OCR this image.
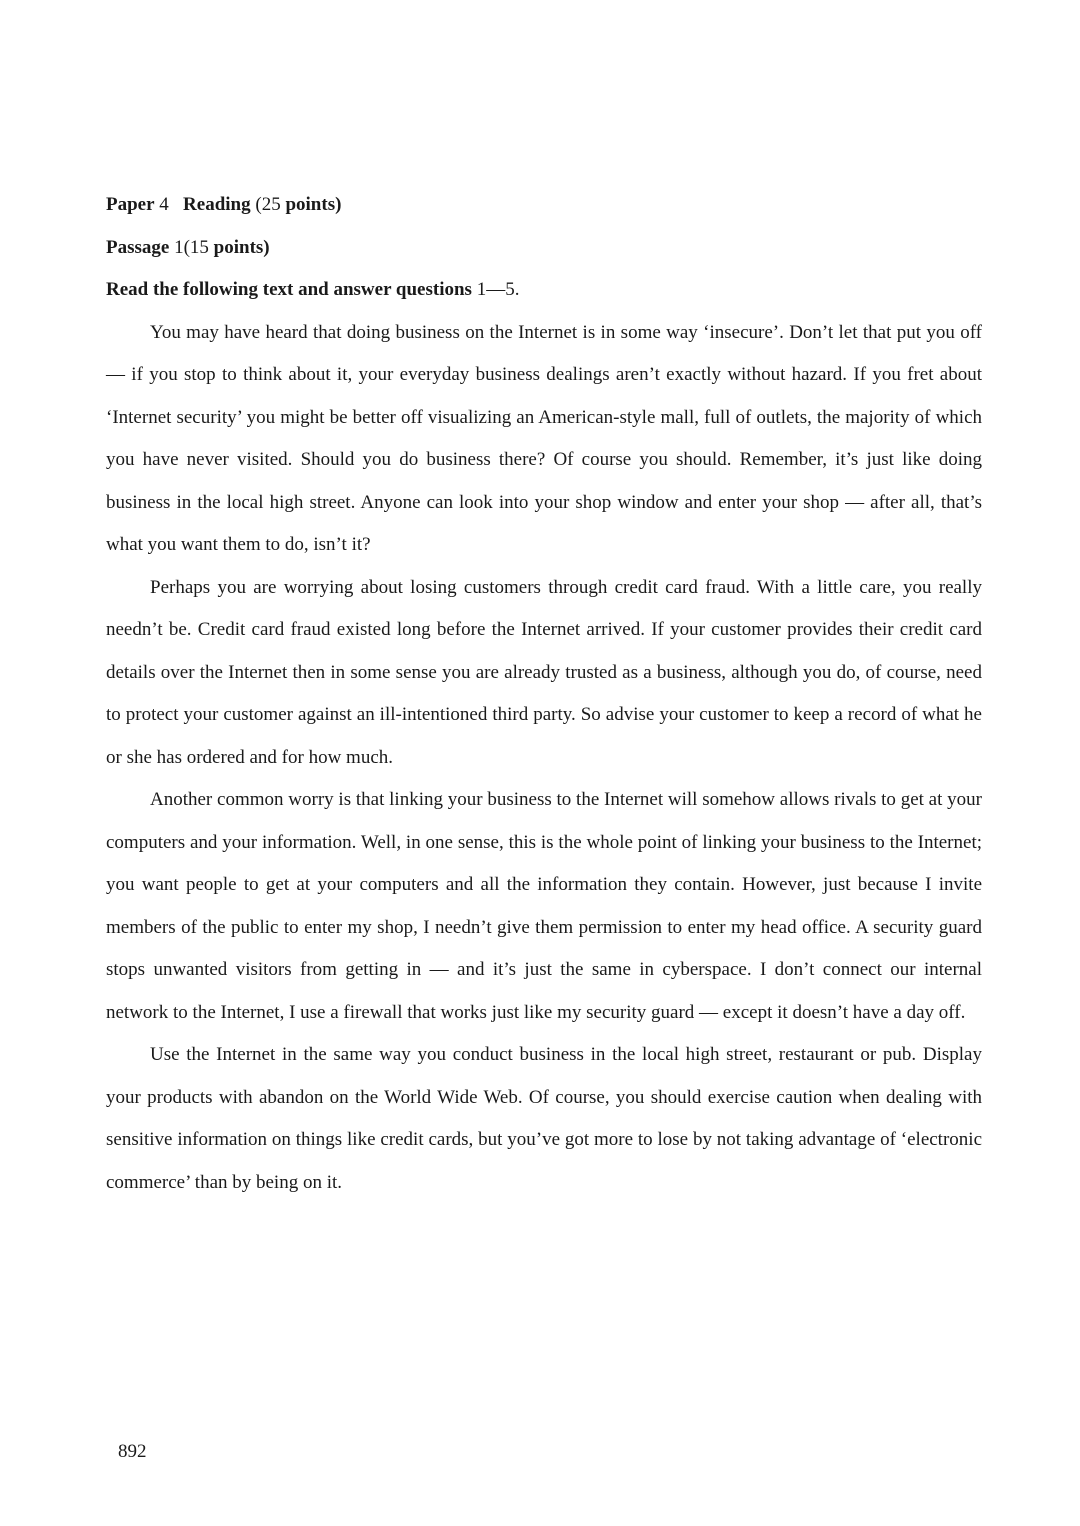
Paper 4 Reading (25 points)

Passage 1(15 points)

Read the following text and answer questions 1—5.

You may have heard that doing business on the Internet is in some way ‘insecure’. Don’t let that put you off — if you stop to think about it, your everyday business dealings aren’t exactly without hazard. If you fret about ‘Internet security’ you might be better off visualizing an American-style mall, full of outlets, the majority of which you have never visited. Should you do business there? Of course you should. Remember, it’s just like doing business in the local high street. Anyone can look into your shop window and enter your shop — after all, that’s what you want them to do, isn’t it?

Perhaps you are worrying about losing customers through credit card fraud. With a little care, you really needn’t be. Credit card fraud existed long before the Internet arrived. If your customer provides their credit card details over the Internet then in some sense you are already trusted as a business, although you do, of course, need to protect your customer against an ill-intentioned third party. So advise your customer to keep a record of what he or she has ordered and for how much.

Another common worry is that linking your business to the Internet will somehow allows rivals to get at your computers and your information. Well, in one sense, this is the whole point of linking your business to the Internet; you want people to get at your computers and all the information they contain. However, just because I invite members of the public to enter my shop, I needn’t give them permission to enter my head office. A security guard stops unwanted visitors from getting in — and it’s just the same in cyberspace. I don’t connect our internal network to the Internet, I use a firewall that works just like my security guard — except it doesn’t have a day off.

Use the Internet in the same way you conduct business in the local high street, restaurant or pub. Display your products with abandon on the World Wide Web. Of course, you should exercise caution when dealing with sensitive information on things like credit cards, but you’ve got more to lose by not taking advantage of ‘electronic commerce’ than by being on it.

892
